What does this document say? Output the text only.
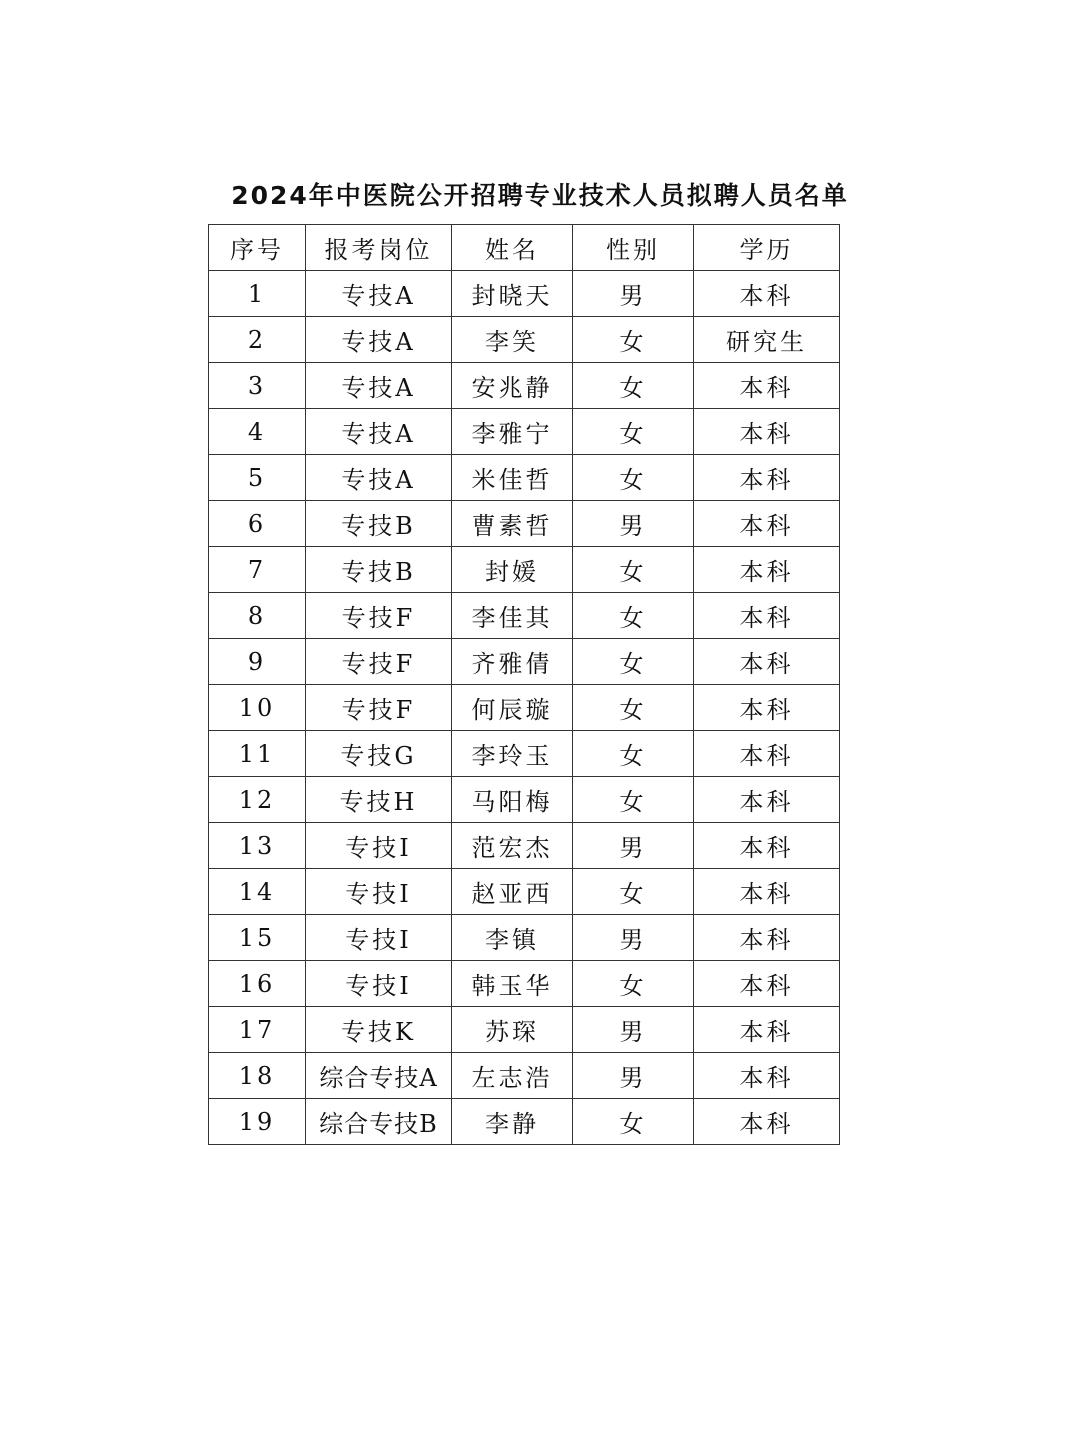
2024年中医院公开招聘专业技术人员拟聘人员名单
序号	报考岗位	姓名	性别	学历
1	专技A	封晓天	男	本科
2	专技A	李笑	女	研究生
3	专技A	安兆静	女	本科
4	专技A	李雅宁	女	本科
5	专技A	米佳哲	女	本科
6	专技B	曹素哲	男	本科
7	专技B	封媛	女	本科
8	专技F	李佳其	女	本科
9	专技F	齐雅倩	女	本科
10	专技F	何辰璇	女	本科
11	专技G	李玲玉	女	本科
12	专技H	马阳梅	女	本科
13	专技I	范宏杰	男	本科
14	专技I	赵亚西	女	本科
15	专技I	李镇	男	本科
16	专技I	韩玉华	女	本科
17	专技K	苏琛	男	本科
18	综合专技A	左志浩	男	本科
19	综合专技B	李静	女	本科
